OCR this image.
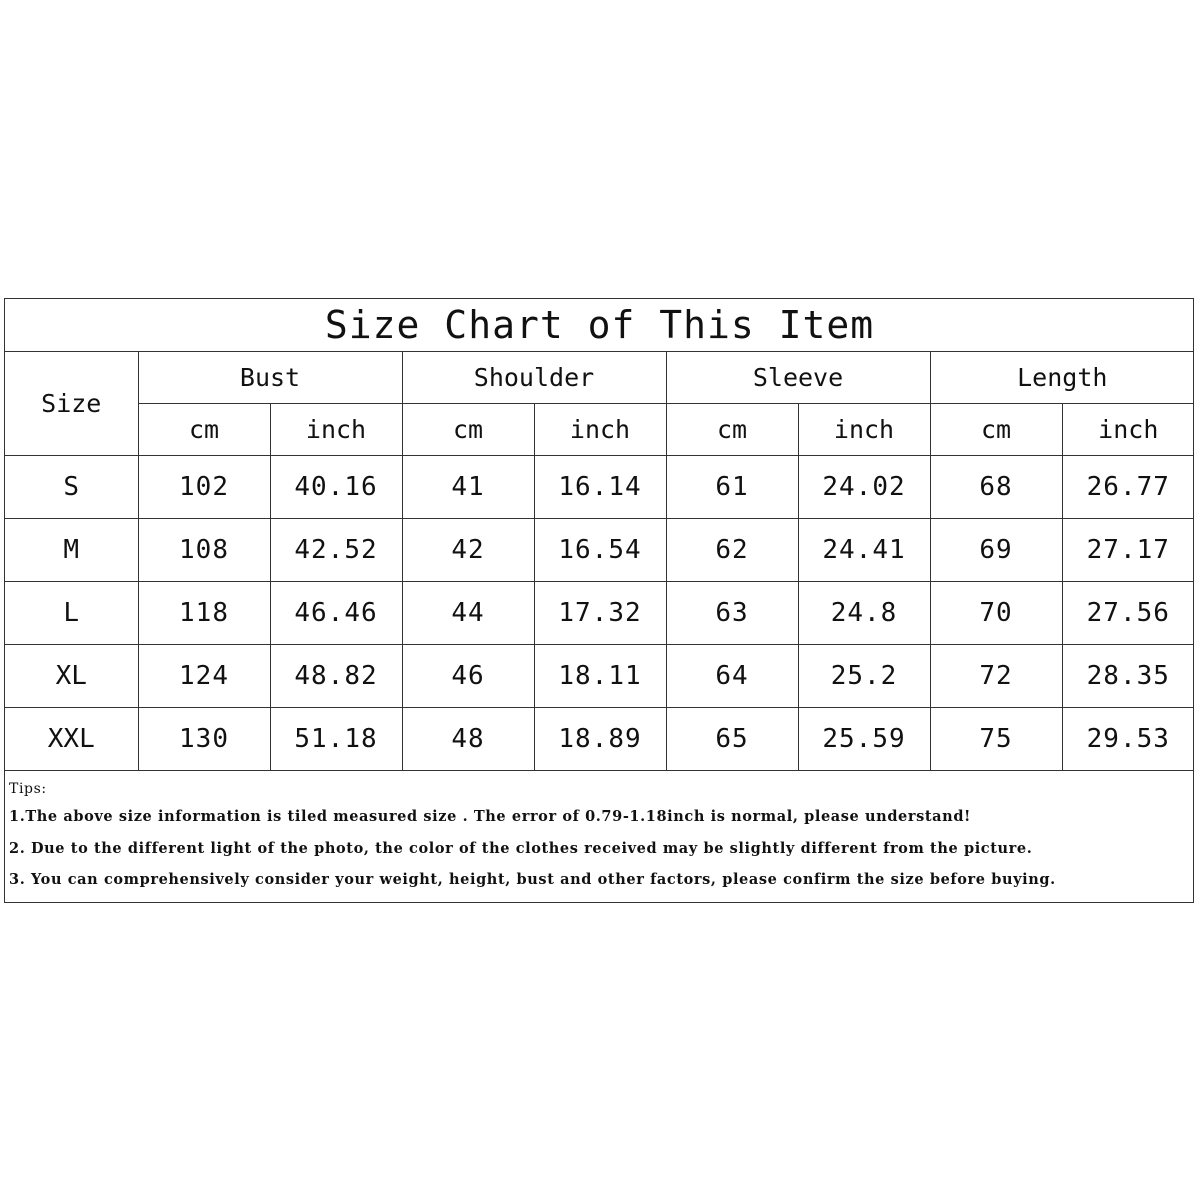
Size Chart of This Item								
Size	Bust		Shoulder		Sleeve		Length	
	cm	inch	cm	inch	cm	inch	cm	inch
S	102	40.16	41	16.14	61	24.02	68	26.77
M	108	42.52	42	16.54	62	24.41	69	27.17
L	118	46.46	44	17.32	63	24.8	70	27.56
XL	124	48.82	46	18.11	64	25.2	72	28.35
XXL	130	51.18	48	18.89	65	25.59	75	29.53

Tips:
1.The above size information is tiled measured size . The error of 0.79-1.18inch is normal, please understand!
2. Due to the different light of the photo, the color of the clothes received may be slightly different from the picture.
3. You can comprehensively consider your weight, height, bust and other factors, please confirm the size before buying.								
